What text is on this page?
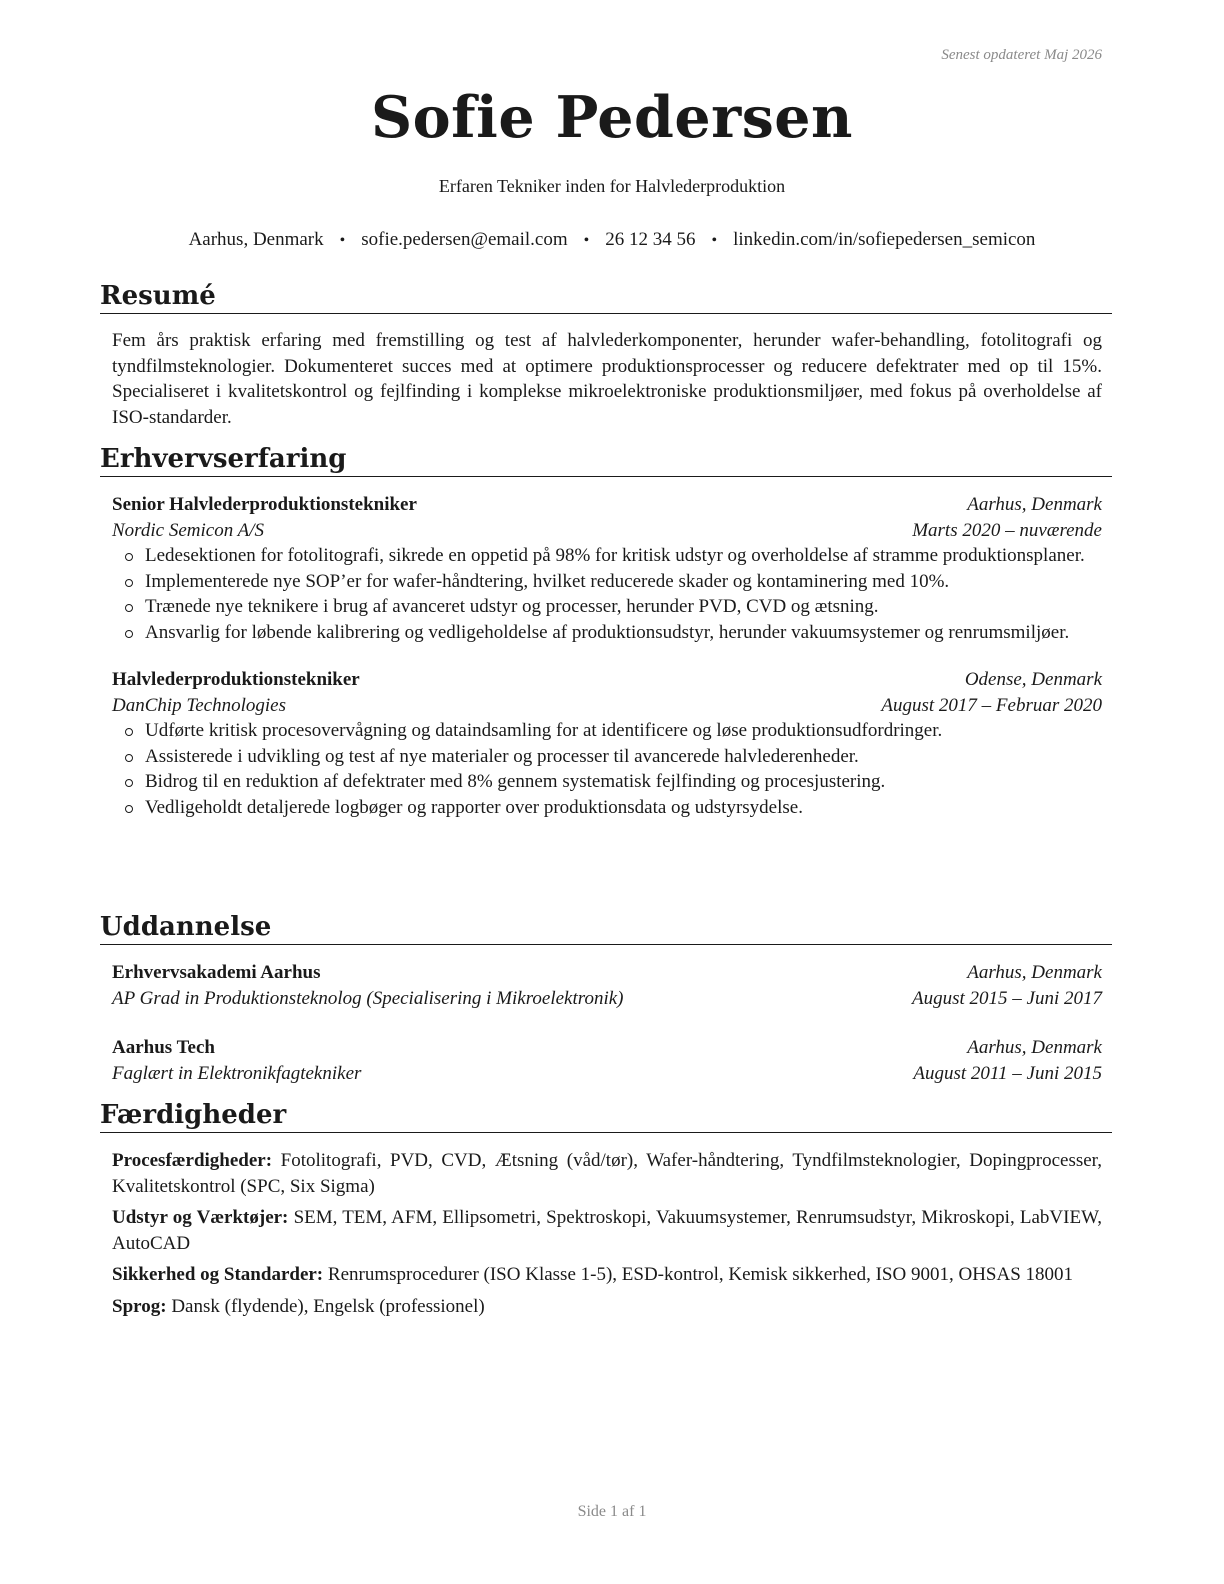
Senest opdateret Maj 2026
Sofie Pedersen
Erfaren Tekniker inden for Halvlederproduktion
Aarhus, Denmark • sofie.pedersen@email.com • 26 12 34 56 • linkedin.com/in/sofiepedersen_semicon
Resumé
Fem års praktisk erfaring med fremstilling og test af halvlederkomponenter, herunder wafer-behandling, fotolitografi og tyndfilmsteknologier. Dokumenteret succes med at optimere produktionsprocesser og reducere defektrater med op til 15%. Specialiseret i kvalitetskontrol og fejlfinding i komplekse mikroelektroniske produktionsmiljøer, med fokus på overholdelse af ISO-standarder.
Erhvervserfaring
Senior Halvlederproduktionstekniker	Aarhus, Denmark
Nordic Semicon A/S	Marts 2020 – nuværende
Ledesektionen for fotolitografi, sikrede en oppetid på 98% for kritisk udstyr og overholdelse af stramme produktionsplaner.
Implementerede nye SOP’er for wafer-håndtering, hvilket reducerede skader og kontaminering med 10%.
Trænede nye teknikere i brug af avanceret udstyr og processer, herunder PVD, CVD og ætsning.
Ansvarlig for løbende kalibrering og vedligeholdelse af produktionsudstyr, herunder vakuumsystemer og renrumsmiljøer.
Halvlederproduktionstekniker	Odense, Denmark
DanChip Technologies	August 2017 – Februar 2020
Udførte kritisk procesovervågning og dataindsamling for at identificere og løse produktionsudfordringer.
Assisterede i udvikling og test af nye materialer og processer til avancerede halvlederenheder.
Bidrog til en reduktion af defektrater med 8% gennem systematisk fejlfinding og procesjustering.
Vedligeholdt detaljerede logbøger og rapporter over produktionsdata og udstyrsydelse.
Uddannelse
Erhvervsakademi Aarhus	Aarhus, Denmark
AP Grad in Produktionsteknolog (Specialisering i Mikroelektronik)	August 2015 – Juni 2017
Aarhus Tech	Aarhus, Denmark
Faglært in Elektronikfagtekniker	August 2011 – Juni 2015
Færdigheder
Procesfærdigheder: Fotolitografi, PVD, CVD, Ætsning (våd/tør), Wafer-håndtering, Tyndfilmsteknologier, Dopingprocesser, Kvalitetskontrol (SPC, Six Sigma)
Udstyr og Værktøjer: SEM, TEM, AFM, Ellipsometri, Spektroskopi, Vakuumsystemer, Renrumsudstyr, Mikroskopi, LabVIEW, AutoCAD
Sikkerhed og Standarder: Renrumsprocedurer (ISO Klasse 1-5), ESD-kontrol, Kemisk sikkerhed, ISO 9001, OHSAS 18001
Sprog: Dansk (flydende), Engelsk (professionel)
Side 1 af 1
